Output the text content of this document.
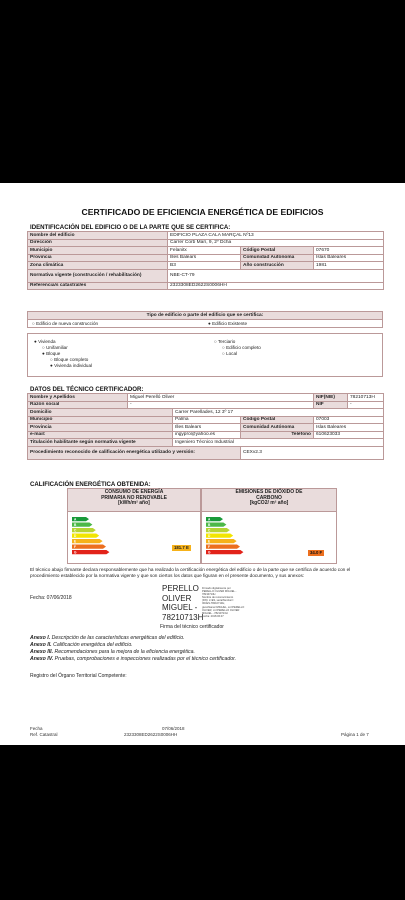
CERTIFICADO DE EFICIENCIA ENERGÉTICA DE EDIFICIOS
IDENTIFICACIÓN DEL EDIFICIO O DE LA PARTE QUE SE CERTIFICA:
Nombre del edificio	EDIFICIO PLAZA CALA MARÇAL Nº13		
Dirección	Carrer Corb Marí, 9, 2º Dcha		
Municipio	Felanitx	Código Postal	07670
Provincia	Illes Balears	Comunidad Autónoma	Islas Baleares
Zona climática	B3	Año construcción	1981
Normativa vigente (construcción / rehabilitación)	NBE-CT-79		
Referencia/s catastral/es	2323308ED2622S0006HH		
Tipo de edificio o parte del edificio que se certifica:
○ Edificio de nueva construcción	● Edificio Existente
● Vivienda
○ Unifamiliar
● Bloque
○ Bloque completo
● Vivienda individual
○ Terciario
○ Edificio completo
○ Local
DATOS DEL TÉCNICO CERTIFICADOR:
Nombre y Apellidos	Miguel Perelló Oliver			NIF(NIE)	78210713H
Razón social	-			NIF	-
Domicilio		Carrer Parellades, 12 3º 17			
Municipio		Palma	Código Postal	07003	
Provincia		Illes Balears	Comunidad Autónoma	Islas Baleares	
e-mail:		ingypro@yahoo.es	Teléfono	610623033	
Titulación habilitante según normativa vigente		Ingeniero Técnico Industrial			
Procedimiento reconocido de calificación energética utilizado y versión:			CEXv2.3		
CALIFICACIÓN ENERGÉTICA OBTENIDA:
CONSUMO DE ENERGÍA
PRIMARIA NO RENOVABLE
[kWh/m² año]
A
B
C
D
E
F
G
181.7 E
EMISIONES DE DIÓXIDO DE
CARBONO
[kgCO2/ m² año]
A
B
C
D
E
F
G	34.0 F
El técnico abajo firmante declara responsablemente que ha realizado la certificación energética del edificio o de la parte que se certifica de acuerdo con el procedimiento establecido por la normativa vigente y que son ciertos los datos que figuran en el presente documento, y sus anexos:
Fecha: 07/06/2018
PERELLO
OLIVER
MIGUEL -
78210713H
Firmado digitalmente por
PERELLO OLIVER MIGUEL -
78210713H
Nombre de reconocimiento
(DN): c=ES, serialNumber=
IDCES-78210713H,
givenName=MIGUEL, sn=PERELLO
OLIVER, cn=PERELLO OLIVER
MIGUEL - 78210713H
Fecha: 2018.06.07
Firma del técnico certificador
Anexo I. Descripción de las características energéticas del edificio.
Anexo II. Calificación energética del edificio.
Anexo III. Recomendaciones para la mejora de la eficiencia energética.
Anexo IV. Pruebas, comprobaciones e inspecciones realizadas por el técnico certificador.
Registro del Órgano Territorial Competente:
Fecha
Ref. Catastral
07/06/2018
2323308ED2622S0006HH	Página 1 de 7
